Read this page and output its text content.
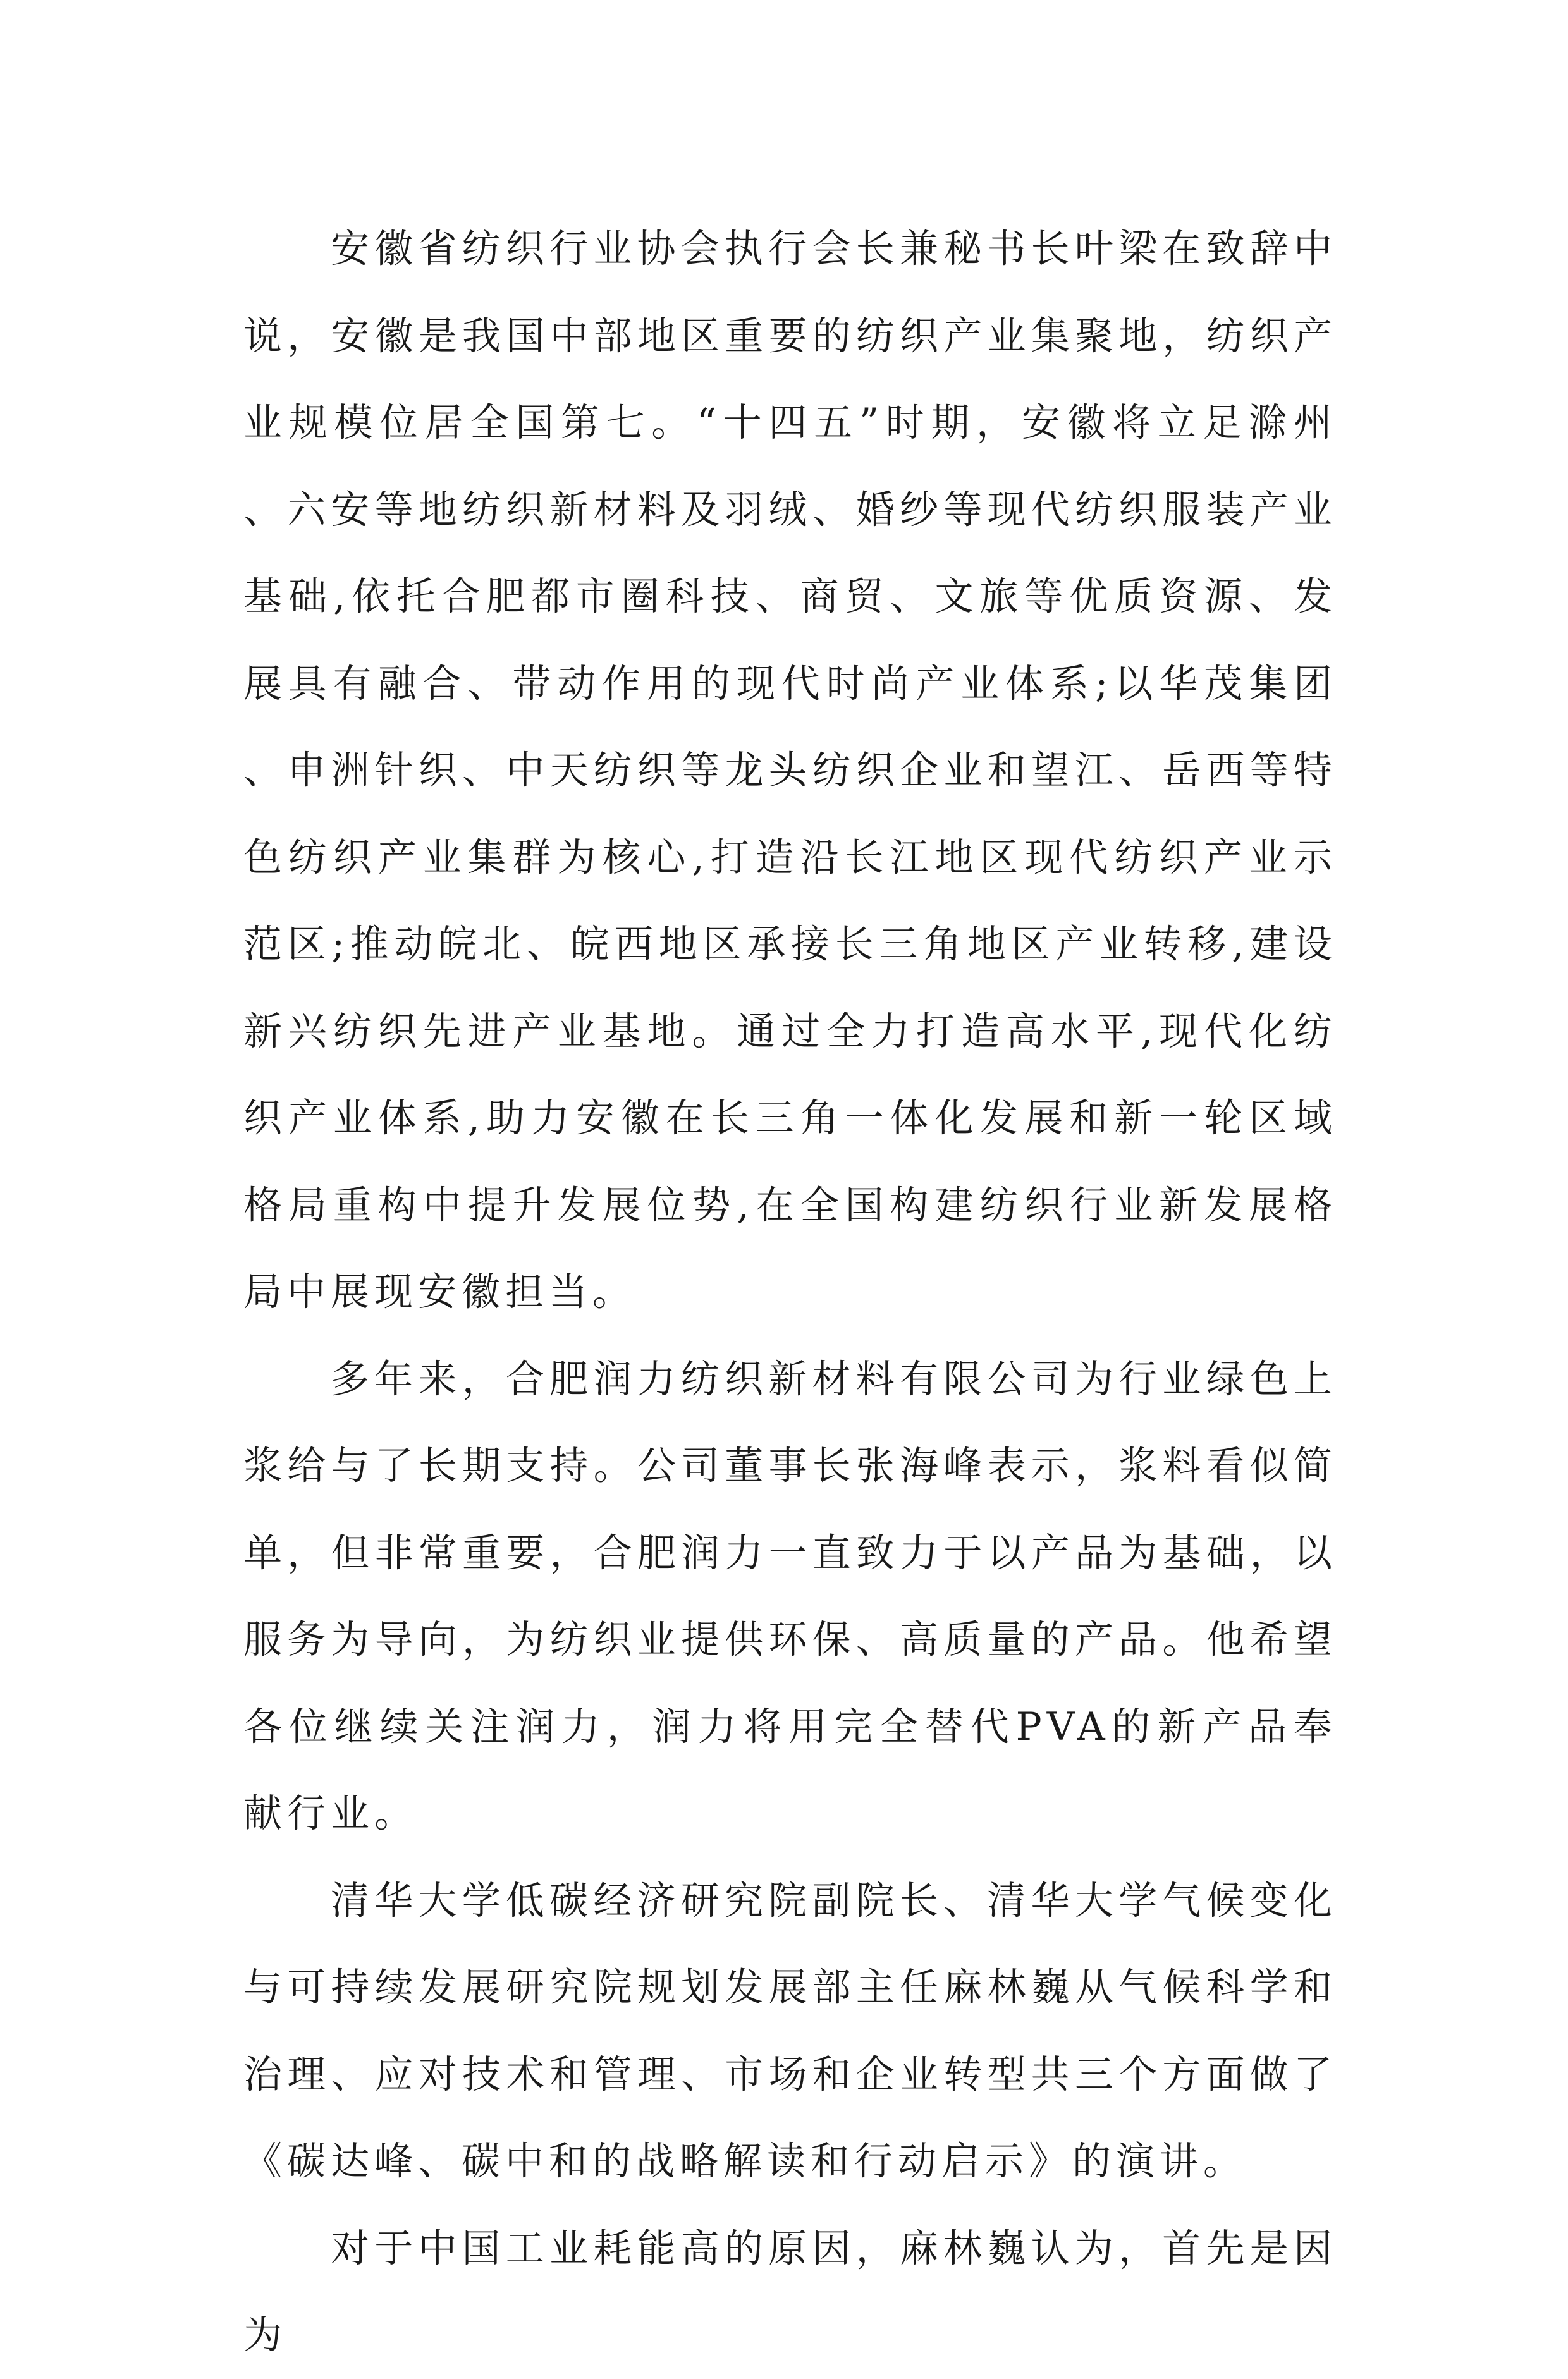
安徽省纺织行业协会执行会长兼秘书长叶梁在致辞中说，安徽是我国中部地区重要的纺织产业集聚地，纺织产业规模位居全国第七。“十四五”时期，安徽将立足滁州、六安等地纺织新材料及羽绒、婚纱等现代纺织服装产业基础,依托合肥都市圈科技、商贸、文旅等优质资源、发展具有融合、带动作用的现代时尚产业体系;以华茂集团、申洲针织、中天纺织等龙头纺织企业和望江、岳西等特色纺织产业集群为核心,打造沿长江地区现代纺织产业示范区;推动皖北、皖西地区承接长三角地区产业转移,建设新兴纺织先进产业基地。通过全力打造高水平,现代化纺织产业体系,助力安徽在长三角一体化发展和新一轮区域格局重构中提升发展位势,在全国构建纺织行业新发展格局中展现安徽担当。

多年来，合肥润力纺织新材料有限公司为行业绿色上浆给与了长期支持。公司董事长张海峰表示，浆料看似简单，但非常重要，合肥润力一直致力于以产品为基础，以服务为导向，为纺织业提供环保、高质量的产品。他希望各位继续关注润力，润力将用完全替代PVA的新产品奉献行业。

清华大学低碳经济研究院副院长、清华大学气候变化与可持续发展研究院规划发展部主任麻林巍从气候科学和治理、应对技术和管理、市场和企业转型共三个方面做了《碳达峰、碳中和的战略解读和行动启示》的演讲。

对于中国工业耗能高的原因，麻林巍认为，首先是因为
